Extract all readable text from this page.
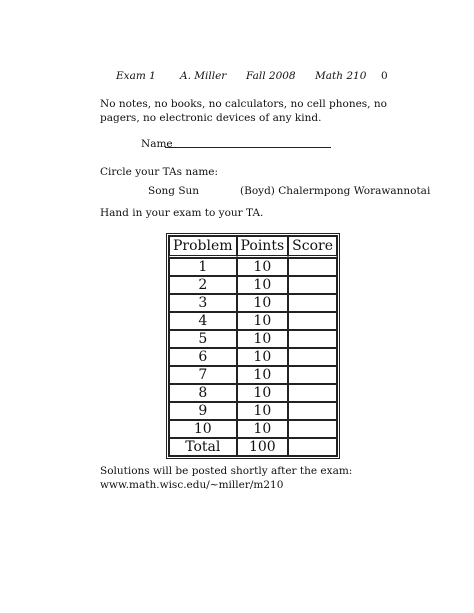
Exam 1 A. Miller Fall 2008 Math 210 0
No notes, no books, no calculators, no cell phones, no pagers, no electronic devices of any kind.
Name
Circle your TAs name:
Song Sun	(Boyd) Chalermpong Worawannotai
Hand in your exam to your TA.
Problem	Points	Score
1	10	
2	10	
3	10	
4	10	
5	10	
6	10	
7	10	
8	10	
9	10	
10	10	
Total	100	
Solutions will be posted shortly after the exam:
www.math.wisc.edu/∼miller/m210
